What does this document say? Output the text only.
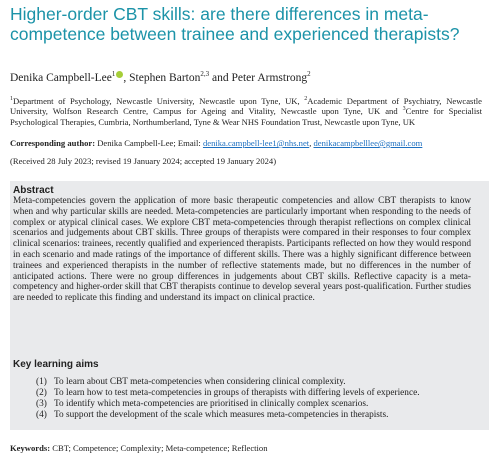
Higher-order CBT skills: are there differences in meta-competence between trainee and experienced therapists?
Denika Campbell-Lee$^1$ , Stephen Barton$^{2,3}$ and Peter Armstrong$^2$
$^1$Department of Psychology, Newcastle University, Newcastle upon Tyne, UK, $^2$Academic Department of Psychiatry, Newcastle University, Wolfson Research Centre, Campus for Ageing and Vitality, Newcastle upon Tyne, UK and $^3$Centre for Specialist Psychological Therapies, Cumbria, Northumberland, Tyne & Wear NHS Foundation Trust, Newcastle upon Tyne, UK
Corresponding author: Denika Campbell-Lee; Email: denika.campbell-lee1@nhs.net, denikacampbelllee@gmail.com
(Received 28 July 2023; revised 19 January 2024; accepted 19 January 2024)
Abstract

Meta-competencies govern the application of more basic therapeutic competencies and allow CBT therapists to know when and why particular skills are needed. Meta-competencies are particularly important when responding to the needs of complex or atypical clinical cases. We explore CBT meta-competencies through therapist reflections on complex clinical scenarios and judgements about CBT skills. Three groups of therapists were compared in their responses to four complex clinical scenarios: trainees, recently qualified and experienced therapists. Participants reflected on how they would respond in each scenario and made ratings of the importance of different skills. There was a highly significant difference between trainees and experienced therapists in the number of reflective statements made, but no differences in the number of anticipated actions. There were no group differences in judgements about CBT skills. Reflective capacity is a meta-competency and higher-order skill that CBT therapists continue to develop several years post-qualification. Further studies are needed to replicate this finding and understand its impact on clinical practice.

Key learning aims
(1) To learn about CBT meta-competencies when considering clinical complexity.
(2) To learn how to test meta-competencies in groups of therapists with differing levels of experience.
(3) To identify which meta-competencies are prioritised in clinically complex scenarios.
(4) To support the development of the scale which measures meta-competencies in therapists.
Keywords: CBT; Competence; Complexity; Meta-competence; Reflection
